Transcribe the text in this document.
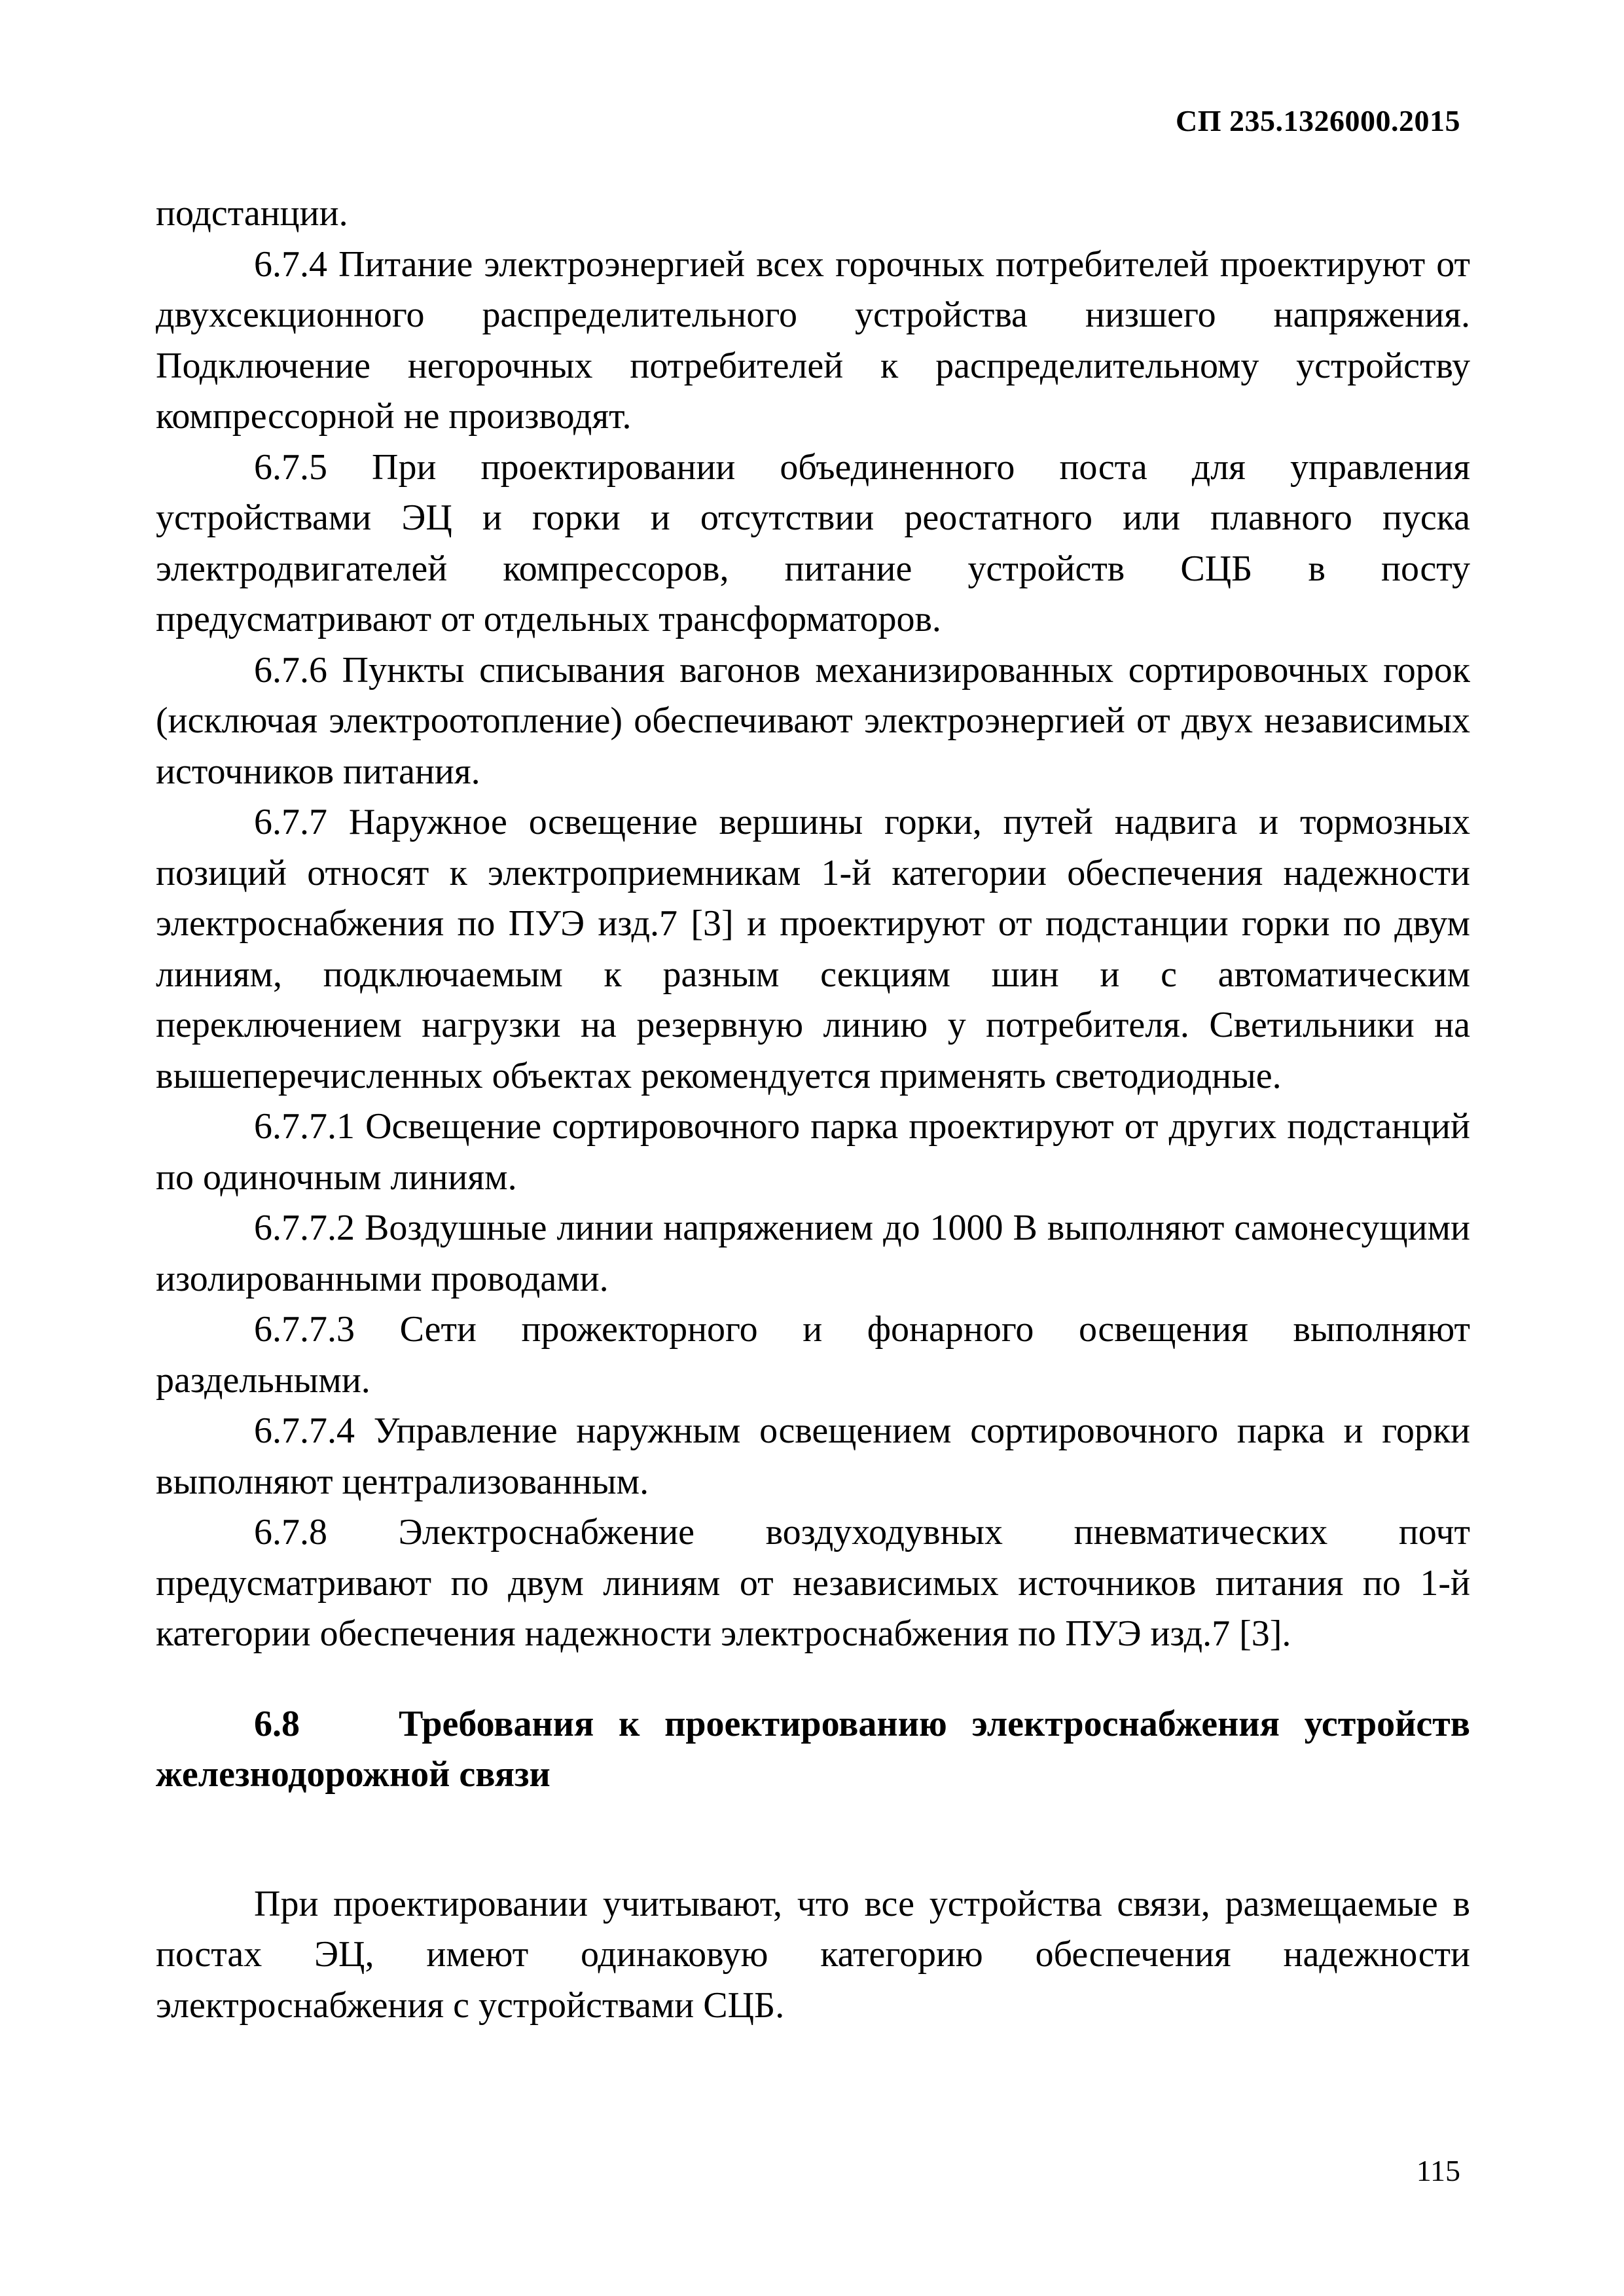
СП 235.1326000.2015

подстанции.

6.7.4 Питание электроэнергией всех горочных потребителей проектируют от двухсекционного распределительного устройства низшего напряжения. Подключение негорочных потребителей к распределительному устройству компрессорной не производят.

6.7.5 При проектировании объединенного поста для управления устройствами ЭЦ и горки и отсутствии реостатного или плавного пуска электродвигателей компрессоров, питание устройств СЦБ в посту предусматривают от отдельных трансформаторов.

6.7.6 Пункты списывания вагонов механизированных сортировочных горок (исключая электроотопление) обеспечивают электроэнергией от двух независимых источников питания.

6.7.7 Наружное освещение вершины горки, путей надвига и тормозных позиций относят к электроприемникам 1-й категории обеспечения надежности электроснабжения по ПУЭ изд.7 [3] и проектируют от подстанции горки по двум линиям, подключаемым к разным секциям шин и с автоматическим переключением нагрузки на резервную линию у потребителя. Светильники на вышеперечисленных объектах рекомендуется применять светодиодные.

6.7.7.1 Освещение сортировочного парка проектируют от других подстанций по одиночным линиям.

6.7.7.2 Воздушные линии напряжением до 1000 В выполняют самонесущими изолированными проводами.

6.7.7.3 Сети прожекторного и фонарного освещения выполняют раздельными.

6.7.7.4 Управление наружным освещением сортировочного парка и горки выполняют централизованным.

6.7.8 Электроснабжение воздуходувных пневматических почт предусматривают по двум линиям от независимых источников питания по 1-й категории обеспечения надежности электроснабжения по ПУЭ изд.7 [3].

6.8	Требования к проектированию электроснабжения устройств железнодорожной связи

При проектировании учитывают, что все устройства связи, размещаемые в постах ЭЦ, имеют одинаковую категорию обеспечения надежности электроснабжения с устройствами СЦБ.

115
